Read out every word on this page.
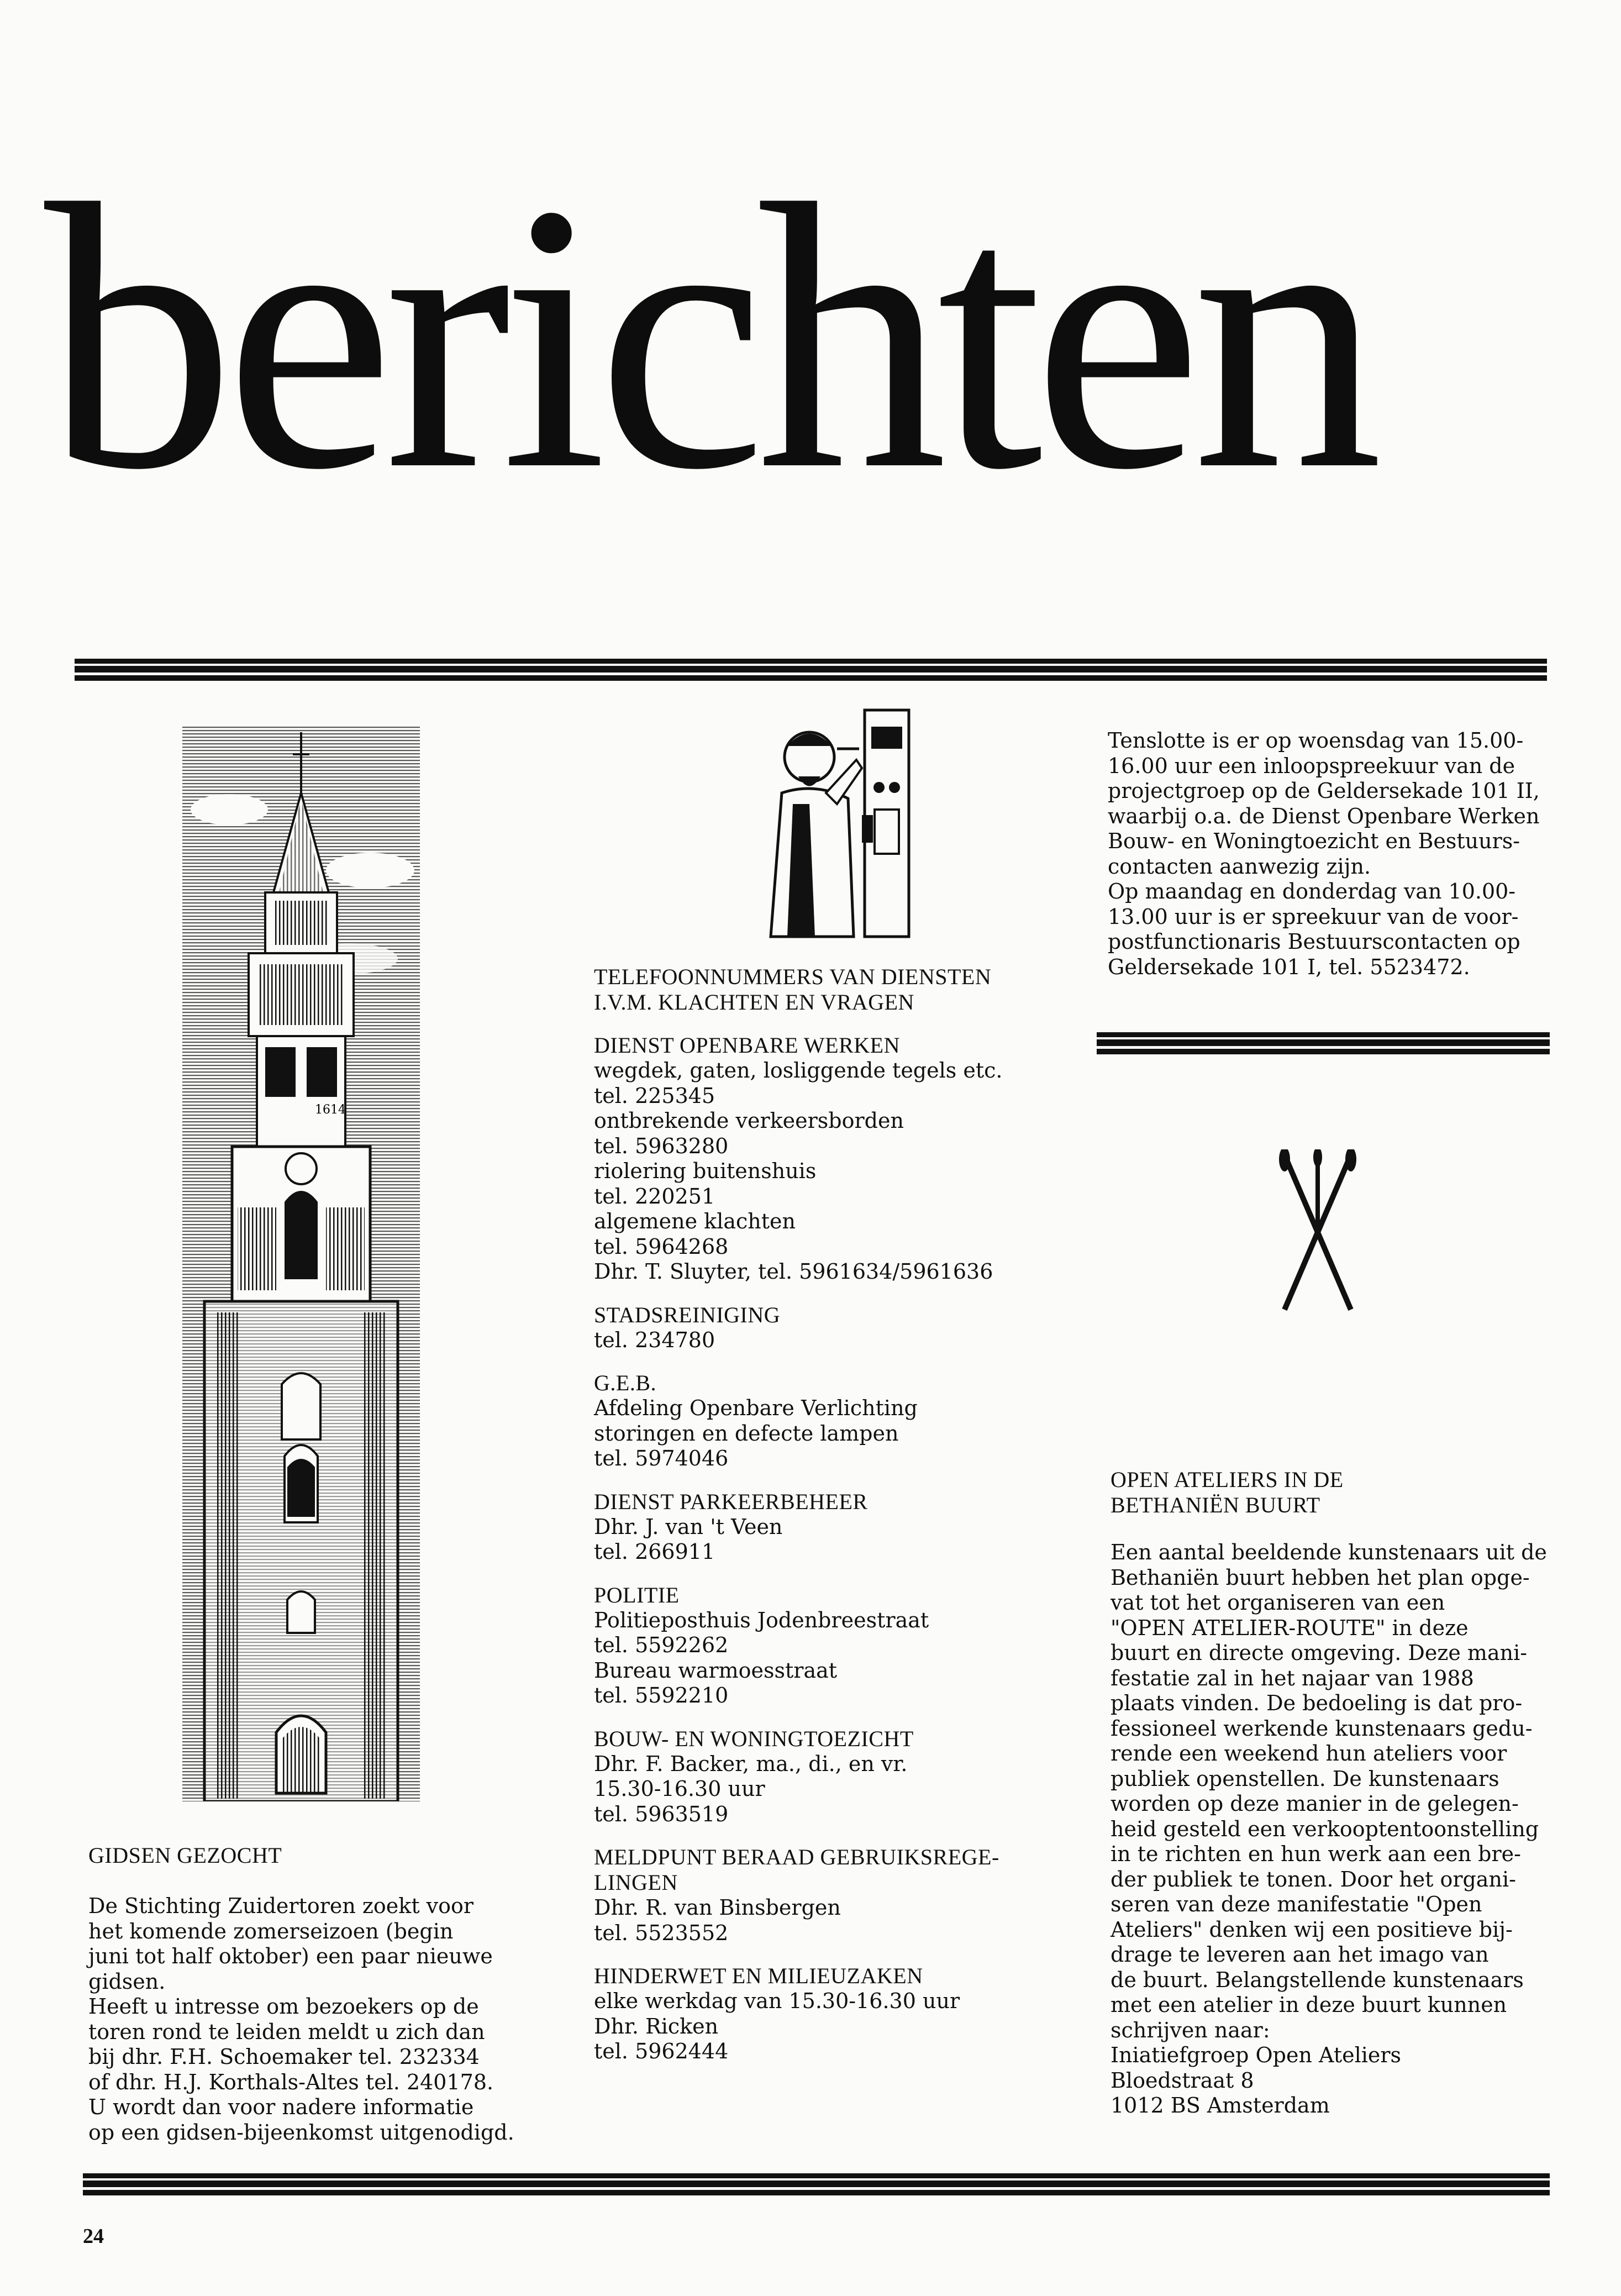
berichten
1614

GIDSEN GEZOCHT

De Stichting Zuidertoren zoekt voor

het komende zomerseizoen (begin

juni tot half oktober) een paar nieuwe

gidsen.

Heeft u intresse om bezoekers op de

toren rond te leiden meldt u zich dan

bij dhr. F.H. Schoemaker tel. 232334

of dhr. H.J. Korthals-Altes tel. 240178.

U wordt dan voor nadere informatie

op een gidsen-bijeenkomst uitgenodigd.

TELEFOONNUMMERS VAN DIENSTEN

I.V.M. KLACHTEN EN VRAGEN

DIENST OPENBARE WERKEN

wegdek, gaten, losliggende tegels etc.

tel. 225345

ontbrekende verkeersborden

tel. 5963280

riolering buitenshuis

tel. 220251

algemene klachten

tel. 5964268

Dhr. T. Sluyter, tel. 5961634/5961636

STADSREINIGING

tel. 234780

G.E.B.

Afdeling Openbare Verlichting

storingen en defecte lampen

tel. 5974046

DIENST PARKEERBEHEER

Dhr. J. van 't Veen

tel. 266911

POLITIE

Politieposthuis Jodenbreestraat

tel. 5592262

Bureau warmoesstraat

tel. 5592210

BOUW- EN WONINGTOEZICHT

Dhr. F. Backer, ma., di., en vr.

15.30-16.30 uur

tel. 5963519

MELDPUNT BERAAD GEBRUIKSREGE-
LINGEN

Dhr. R. van Binsbergen

tel. 5523552

HINDERWET EN MILIEUZAKEN

elke werkdag van 15.30-16.30 uur

Dhr. Ricken

tel. 5962444

Tenslotte is er op woensdag van 15.00-

16.00 uur een inloopspreekuur van de

projectgroep op de Geldersekade 101 II,

waarbij o.a. de Dienst Openbare Werken

Bouw- en Woningtoezicht en Bestuurs-

contacten aanwezig zijn.

Op maandag en donderdag van 10.00-

13.00 uur is er spreekuur van de voor-

postfunctionaris Bestuurscontacten op

Geldersekade 101 I, tel. 5523472.

OPEN ATELIERS IN DE

BETHANIËN BUURT

Een aantal beeldende kunstenaars uit de

Bethaniën buurt hebben het plan opge-

vat tot het organiseren van een

"OPEN ATELIER-ROUTE" in deze

buurt en directe omgeving. Deze mani-

festatie zal in het najaar van 1988

plaats vinden. De bedoeling is dat pro-

fessioneel werkende kunstenaars gedu-

rende een weekend hun ateliers voor

publiek openstellen. De kunstenaars

worden op deze manier in de gelegen-

heid gesteld een verkooptentoonstelling

in te richten en hun werk aan een bre-

der publiek te tonen. Door het organi-

seren van deze manifestatie "Open

Ateliers" denken wij een positieve bij-

drage te leveren aan het imago van

de buurt. Belangstellende kunstenaars

met een atelier in deze buurt kunnen

schrijven naar:

Iniatiefgroep Open Ateliers

Bloedstraat 8

1012 BS Amsterdam

24
